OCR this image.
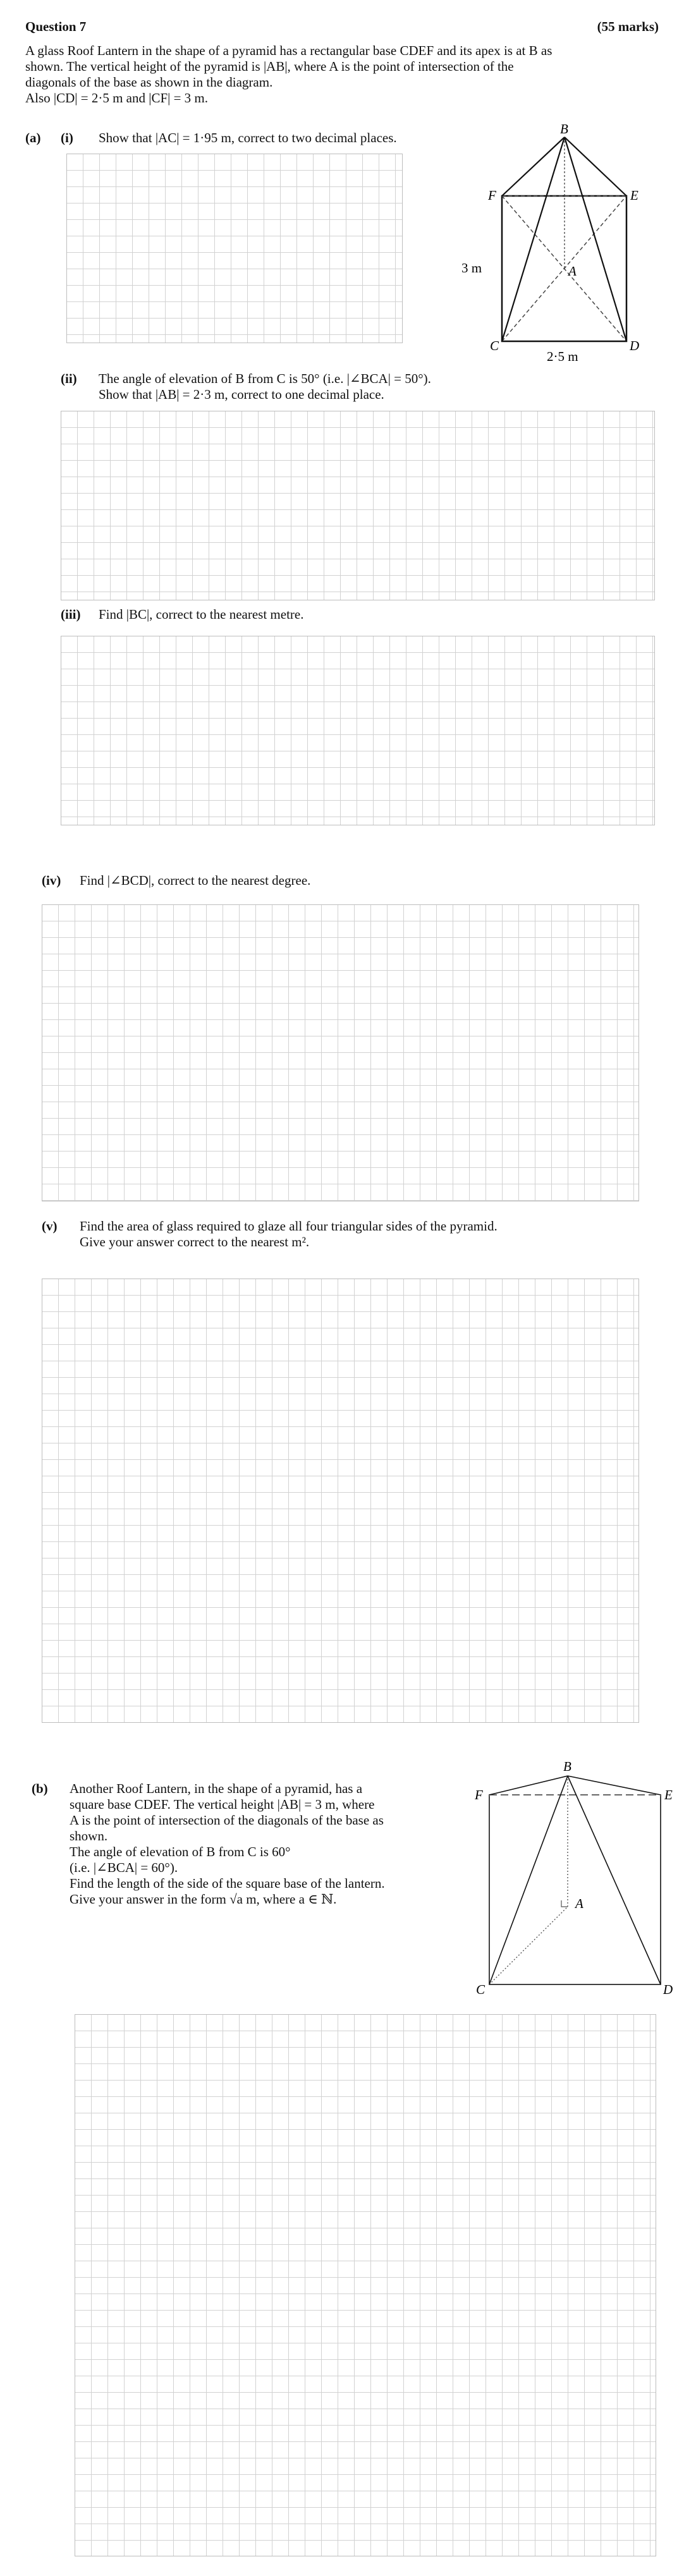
Question 7	(55 marks)
A glass Roof Lantern in the shape of a pyramid has a rectangular base CDEF and its apex is at B as
shown. The vertical height of the pyramid is |AB|, where A is the point of intersection of the
diagonals of the base as shown in the diagram.
Also |CD| = 2·5 m and |CF| = 3 m.
(a) (i) Show that |AC| = 1·95 m, correct to two decimal places.
B
F	E
A
C	D
3 m
2·5 m
(ii) The angle of elevation of B from C is 50° (i.e. |∠BCA| = 50°).
Show that |AB| = 2·3 m, correct to one decimal place.
(iii) Find |BC|, correct to the nearest metre.
(iv) Find |∠BCD|, correct to the nearest degree.
(v) Find the area of glass required to glaze all four triangular sides of the pyramid.
Give your answer correct to the nearest m².
(b) Another Roof Lantern, in the shape of a pyramid, has a
square base CDEF. The vertical height |AB| = 3 m, where
A is the point of intersection of the diagonals of the base as
shown.
The angle of elevation of B from C is 60°
(i.e. |∠BCA| = 60°).
Find the length of the side of the square base of the lantern.
Give your answer in the form √a m, where a ∈ ℕ.
B
F	E
A
C	D
